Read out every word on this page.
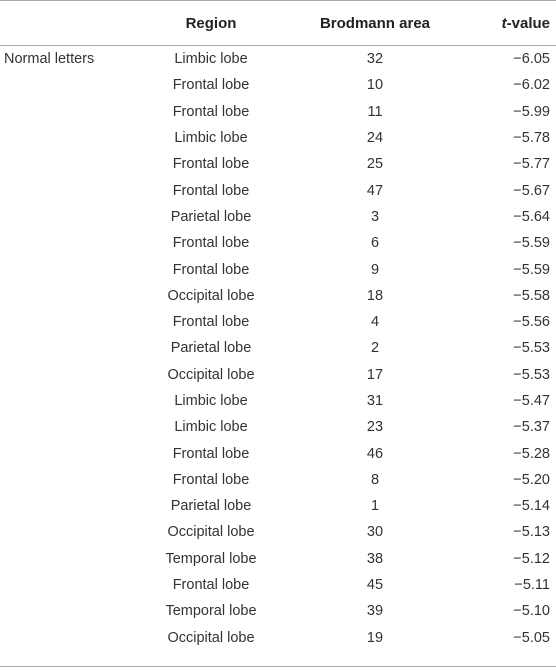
	Region	Brodmann area	t-value
Normal letters	Limbic lobe	32	−6.05
	Frontal lobe	10	−6.02
	Frontal lobe	11	−5.99
	Limbic lobe	24	−5.78
	Frontal lobe	25	−5.77
	Frontal lobe	47	−5.67
	Parietal lobe	3	−5.64
	Frontal lobe	6	−5.59
	Frontal lobe	9	−5.59
	Occipital lobe	18	−5.58
	Frontal lobe	4	−5.56
	Parietal lobe	2	−5.53
	Occipital lobe	17	−5.53
	Limbic lobe	31	−5.47
	Limbic lobe	23	−5.37
	Frontal lobe	46	−5.28
	Frontal lobe	8	−5.20
	Parietal lobe	1	−5.14
	Occipital lobe	30	−5.13
	Temporal lobe	38	−5.12
	Frontal lobe	45	−5.11
	Temporal lobe	39	−5.10
	Occipital lobe	19	−5.05
